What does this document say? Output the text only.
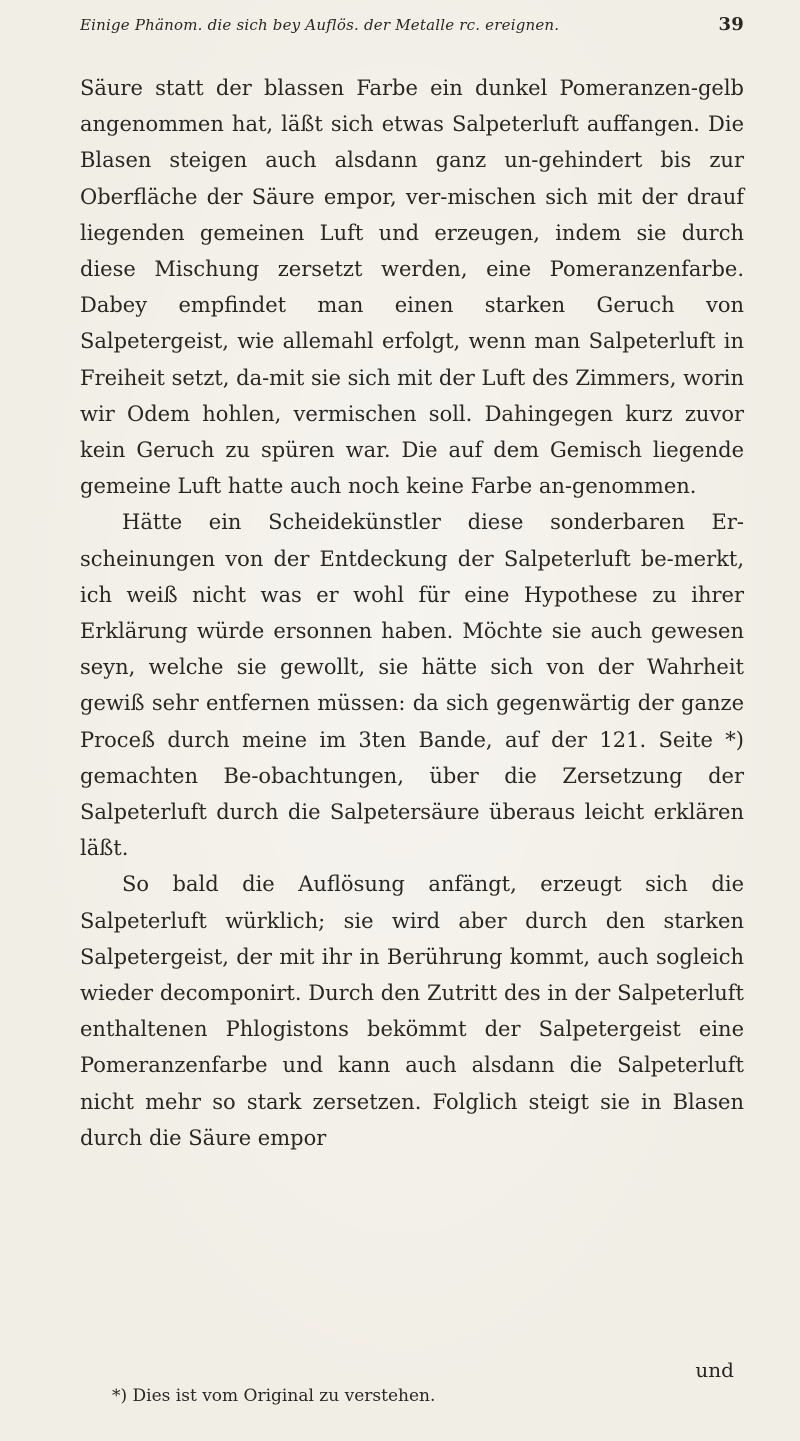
Einige Phänom. die sich bey Auflös. der Metalle rc. ereignen.	39

Säure statt der blassen Farbe ein dunkel Pomeranzen-gelb angenommen hat, läßt sich etwas Salpeterluft auffangen. Die Blasen steigen auch alsdann ganz un-gehindert bis zur Oberfläche der Säure empor, ver-mischen sich mit der drauf liegenden gemeinen Luft und erzeugen, indem sie durch diese Mischung zersetzt werden, eine Pomeranzenfarbe. Dabey empfindet man einen starken Geruch von Salpetergeist, wie allemahl erfolgt, wenn man Salpeterluft in Freiheit setzt, da-mit sie sich mit der Luft des Zimmers, worin wir Odem hohlen, vermischen soll. Dahingegen kurz zuvor kein Geruch zu spüren war. Die auf dem Gemisch liegende gemeine Luft hatte auch noch keine Farbe an-genommen.

Hätte ein Scheidekünstler diese sonderbaren Er-scheinungen von der Entdeckung der Salpeterluft be-merkt, ich weiß nicht was er wohl für eine Hypothese zu ihrer Erklärung würde ersonnen haben. Möchte sie auch gewesen seyn, welche sie gewollt, sie hätte sich von der Wahrheit gewiß sehr entfernen müssen: da sich gegenwärtig der ganze Proceß durch meine im 3ten Bande, auf der 121. Seite *) gemachten Be-obachtungen, über die Zersetzung der Salpeterluft durch die Salpetersäure überaus leicht erklären läßt.

So bald die Auflösung anfängt, erzeugt sich die Salpeterluft würklich; sie wird aber durch den starken Salpetergeist, der mit ihr in Berührung kommt, auch sogleich wieder decomponirt. Durch den Zutritt des in der Salpeterluft enthaltenen Phlogistons bekömmt der Salpetergeist eine Pomeranzenfarbe und kann auch alsdann die Salpeterluft nicht mehr so stark zersetzen. Folglich steigt sie in Blasen durch die Säure empor

und
*) Dies ist vom Original zu verstehen.
